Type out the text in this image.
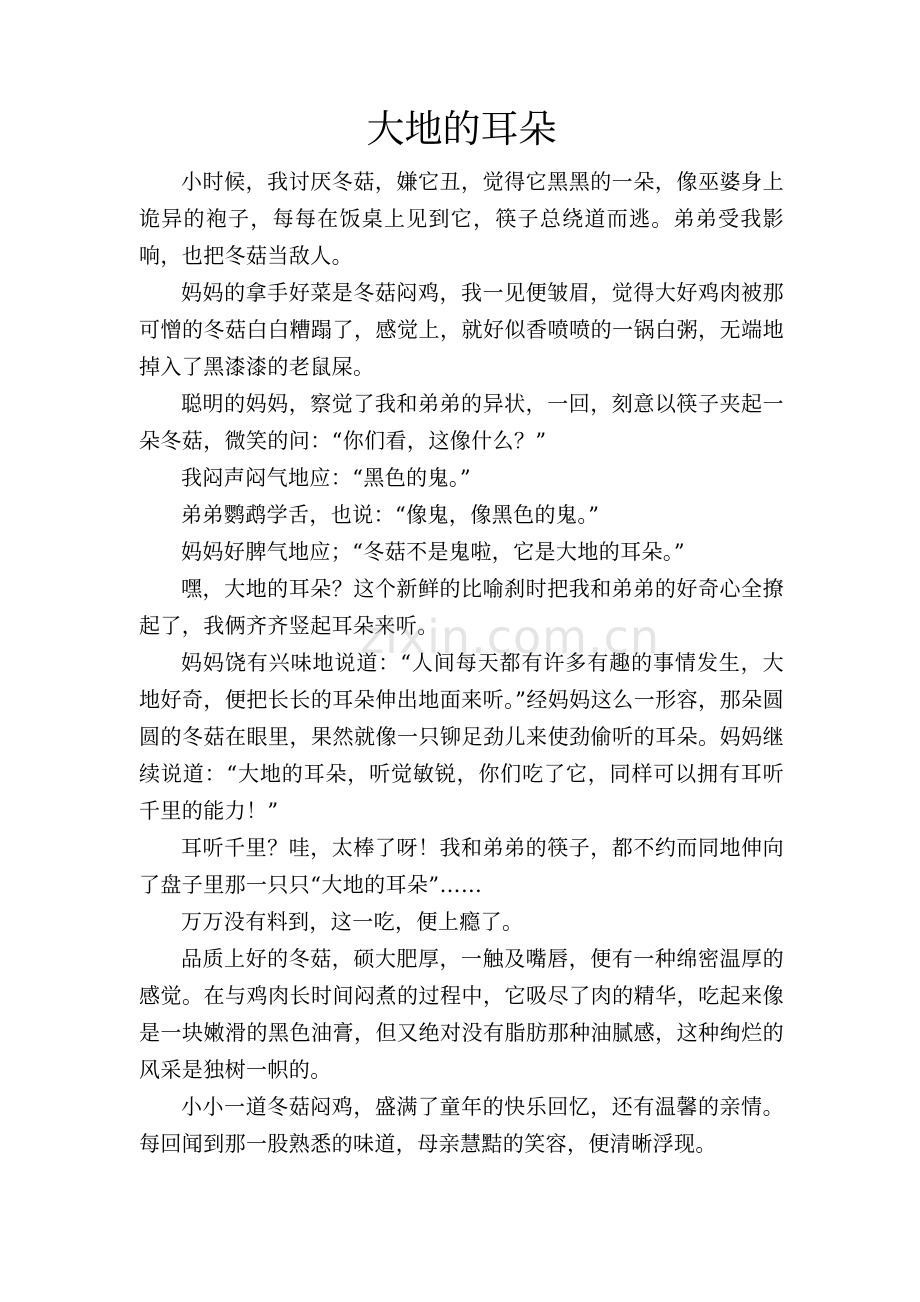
大地的耳朵

小时候，我讨厌冬菇，嫌它丑，觉得它黑黑的一朵，像巫婆身上诡异的袍子，每每在饭桌上见到它，筷子总绕道而逃。弟弟受我影响，也把冬菇当敌人。

妈妈的拿手好菜是冬菇闷鸡，我一见便皱眉，觉得大好鸡肉被那可憎的冬菇白白糟蹋了，感觉上，就好似香喷喷的一锅白粥，无端地掉入了黑漆漆的老鼠屎。

聪明的妈妈，察觉了我和弟弟的异状，一回，刻意以筷子夹起一朵冬菇，微笑的问：“你们看，这像什么？”

我闷声闷气地应：“黑色的鬼。”

弟弟鹦鹉学舌，也说：“像鬼，像黑色的鬼。”

妈妈好脾气地应；“冬菇不是鬼啦，它是大地的耳朵。”

嘿，大地的耳朵？这个新鲜的比喻刹时把我和弟弟的好奇心全撩起了，我俩齐齐竖起耳朵来听。

妈妈饶有兴味地说道：“人间每天都有许多有趣的事情发生，大地好奇，便把长长的耳朵伸出地面来听。”经妈妈这么一形容，那朵圆圆的冬菇在眼里，果然就像一只铆足劲儿来使劲偷听的耳朵。妈妈继续说道：“大地的耳朵，听觉敏锐，你们吃了它，同样可以拥有耳听千里的能力！”

耳听千里？哇，太棒了呀！我和弟弟的筷子，都不约而同地伸向了盘子里那一只只“大地的耳朵”……

万万没有料到，这一吃，便上瘾了。

品质上好的冬菇，硕大肥厚，一触及嘴唇，便有一种绵密温厚的感觉。在与鸡肉长时间闷煮的过程中，它吸尽了肉的精华，吃起来像是一块嫩滑的黑色油膏，但又绝对没有脂肪那种油腻感，这种绚烂的风采是独树一帜的。

小小一道冬菇闷鸡，盛满了童年的快乐回忆，还有温馨的亲情。每回闻到那一股熟悉的味道，母亲慧黠的笑容，便清晰浮现。

zixin.com.cn
